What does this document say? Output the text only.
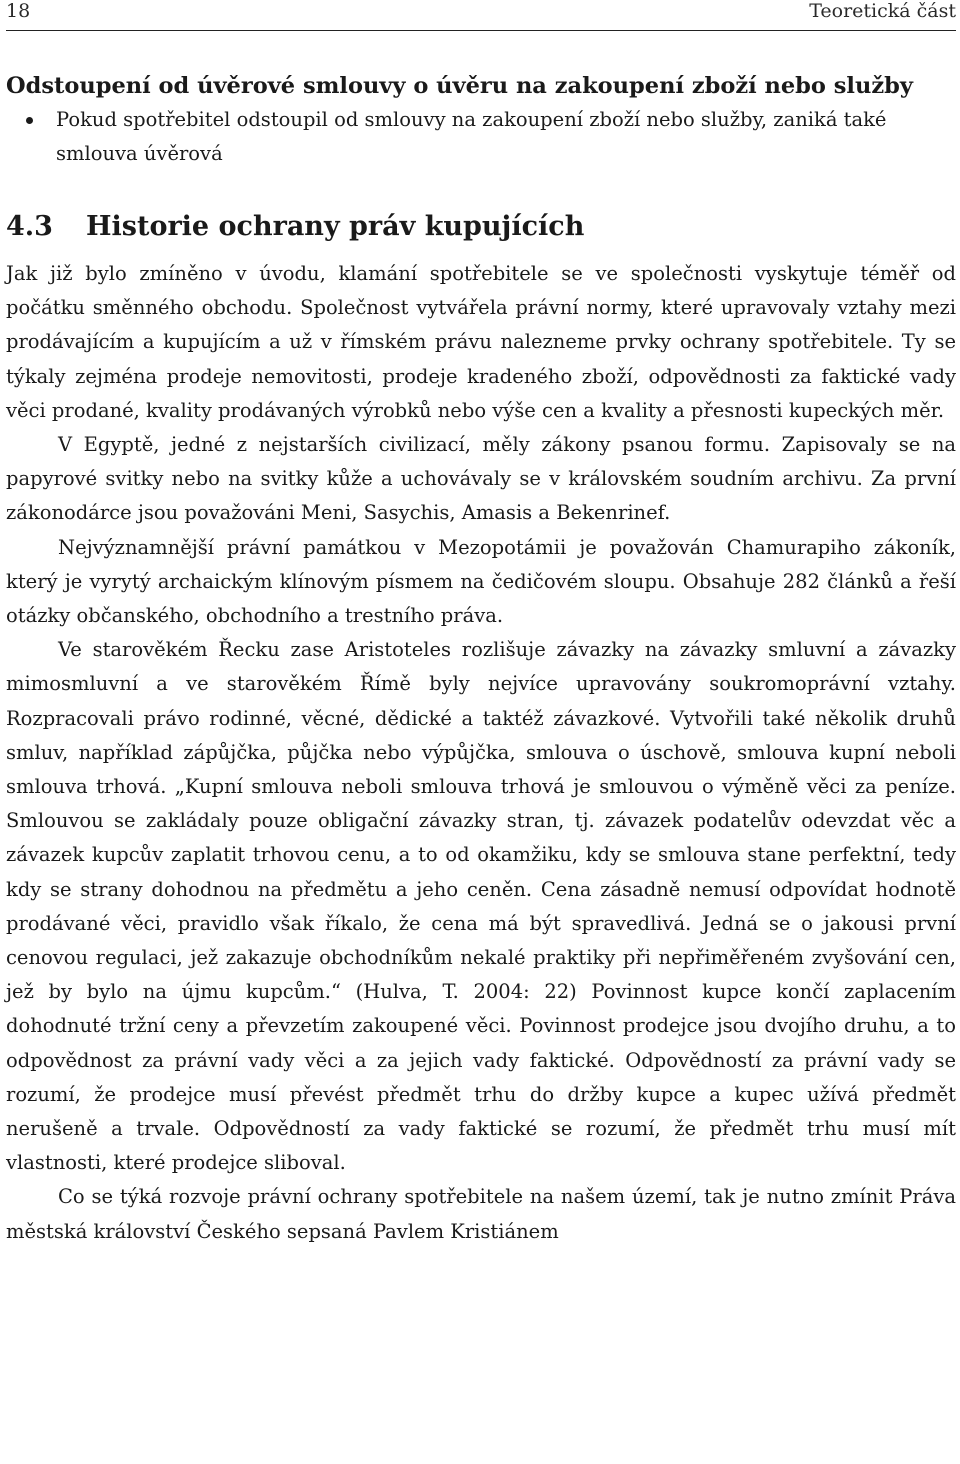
18	Teoretická část
Odstoupení od úvěrové smlouvy o úvěru na zakoupení zboží nebo služby
Pokud spotřebitel odstoupil od smlouvy na zakoupení zboží nebo služby, zaniká také smlouva úvěrová
4.3 Historie ochrany práv kupujících

Jak již bylo zmíněno v úvodu, klamání spotřebitele se ve společnosti vyskytuje téměř od počátku směnného obchodu. Společnost vytvářela právní normy, které upravovaly vztahy mezi prodávajícím a kupujícím a už v římském právu nalezneme prvky ochrany spotřebitele. Ty se týkaly zejména prodeje nemovitosti, prodeje kradeného zboží, odpovědnosti za faktické vady věci prodané, kvality prodávaných výrobků nebo výše cen a kvality a přesnosti kupeckých měr.

V Egyptě, jedné z nejstarších civilizací, měly zákony psanou formu. Zapisovaly se na papyrové svitky nebo na svitky kůže a uchovávaly se v královském soudním archivu. Za první zákonodárce jsou považováni Meni, Sasychis, Amasis a Bekenrinef.

Nejvýznamnější právní památkou v Mezopotámii je považován Chamurapiho zákoník, který je vyrytý archaickým klínovým písmem na čedičovém sloupu. Obsahuje 282 článků a řeší otázky občanského, obchodního a trestního práva.

Ve starověkém Řecku zase Aristoteles rozlišuje závazky na závazky smluvní a závazky mimosmluvní a ve starověkém Římě byly nejvíce upravovány soukromoprávní vztahy. Rozpracovali právo rodinné, věcné, dědické a taktéž závazkové. Vytvořili také několik druhů smluv, například zápůjčka, půjčka nebo výpůjčka, smlouva o úschově, smlouva kupní neboli smlouva trhová. „Kupní smlouva neboli smlouva trhová je smlouvou o výměně věci za peníze. Smlouvou se zakládaly pouze obligační závazky stran, tj. závazek podatelův odevzdat věc a závazek kupcův zaplatit trhovou cenu, a to od okamžiku, kdy se smlouva stane perfektní, tedy kdy se strany dohodnou na předmětu a jeho ceněn. Cena zásadně nemusí odpovídat hodnotě prodávané věci, pravidlo však říkalo, že cena má být spravedlivá. Jedná se o jakousi první cenovou regulaci, jež zakazuje obchodníkům nekalé praktiky při nepřiměřeném zvyšování cen, jež by bylo na újmu kupcům.“ (Hulva, T. 2004: 22) Povinnost kupce končí zaplacením dohodnuté tržní ceny a převzetím zakoupené věci. Povinnost prodejce jsou dvojího druhu, a to odpovědnost za právní vady věci a za jejich vady faktické. Odpovědností za právní vady se rozumí, že prodejce musí převést předmět trhu do držby kupce a kupec užívá předmět nerušeně a trvale. Odpovědností za vady faktické se rozumí, že předmět trhu musí mít vlastnosti, které prodejce sliboval.

Co se týká rozvoje právní ochrany spotřebitele na našem území, tak je nutno zmínit Práva městská království Českého sepsaná Pavlem Kristiánem
